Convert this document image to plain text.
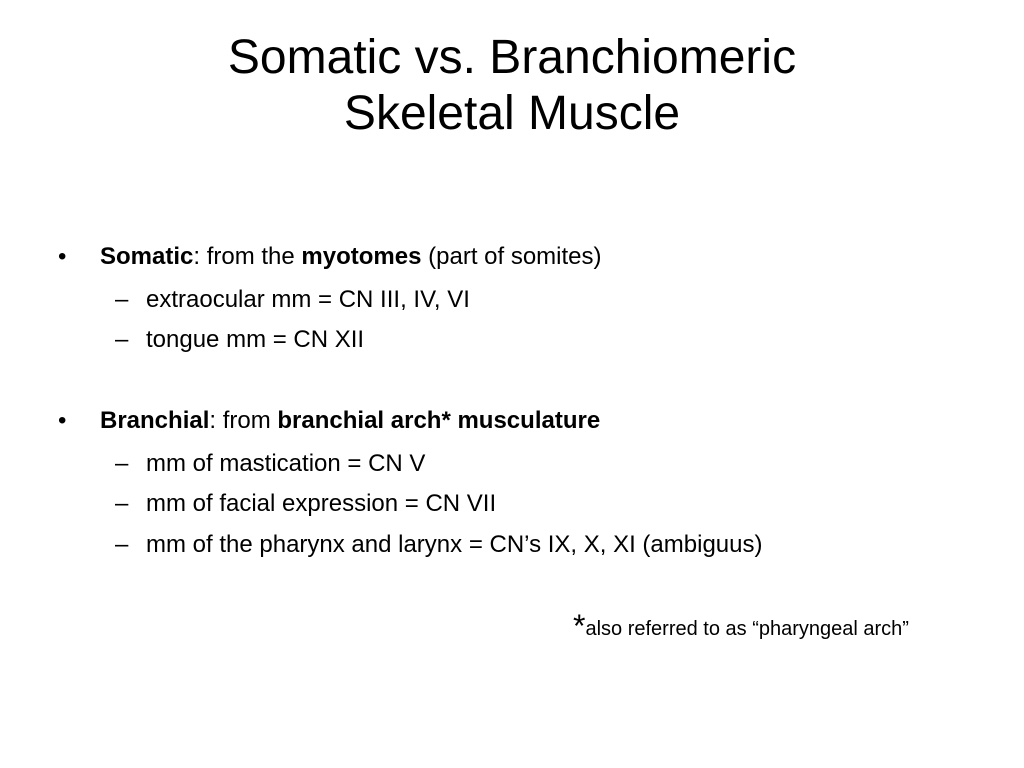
Somatic vs. Branchiomeric
Skeletal Muscle
• Somatic: from the myotomes (part of somites)
– extraocular mm = CN III, IV, VI
– tongue mm = CN XII
• Branchial: from branchial arch* musculature
– mm of mastication = CN V
– mm of facial expression = CN VII
– mm of the pharynx and larynx = CN’s IX, X, XI (ambiguus)
*also referred to as “pharyngeal arch”
